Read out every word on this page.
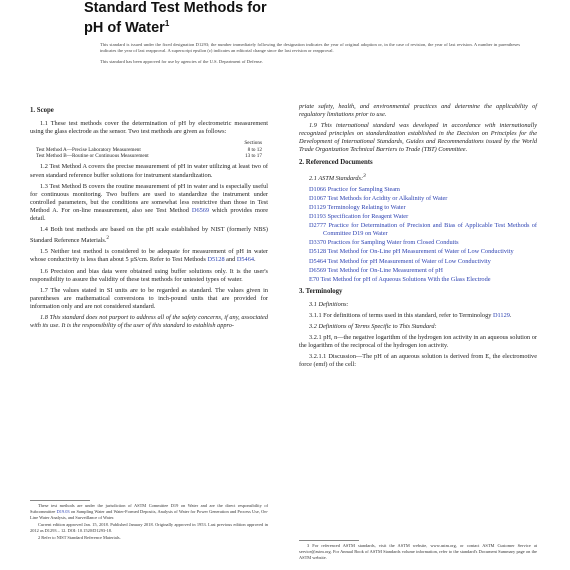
Standard Test Methods for
pH of Water$^1$

This standard is issued under the fixed designation D1293; the number immediately following the designation indicates the year of original adoption or, in the case of revision, the year of last revision. A number in parentheses indicates the year of last reapproval. A superscript epsilon (ε) indicates an editorial change since the last revision or reapproval.

This standard has been approved for use by agencies of the U.S. Department of Defense.

1. Scope

1.1 These test methods cover the determination of pH by electrometric measurement using the glass electrode as the sensor. Two test methods are given as follows:

	Sections
Test Method A—Precise Laboratory Measurement	8 to 12
Test Method B—Routine or Continuous Measurement	13 to 17

1.2 Test Method A covers the precise measurement of pH in water utilizing at least two of seven standard reference buffer solutions for instrument standardization.

1.3 Test Method B covers the routine measurement of pH in water and is especially useful for continuous monitoring. Two buffers are used to standardize the instrument under controlled parameters, but the conditions are somewhat less restrictive than those in Test Method A. For on-line measurement, also see Test Method D6569 which provides more detail.

1.4 Both test methods are based on the pH scale established by NIST (formerly NBS) Standard Reference Materials.$^2$

1.5 Neither test method is considered to be adequate for measurement of pH in water whose conductivity is less than about 5 µS/cm. Refer to Test Methods D5128 and D5464.

1.6 Precision and bias data were obtained using buffer solutions only. It is the user's responsibility to assure the validity of these test methods for untested types of water.

1.7 The values stated in SI units are to be regarded as standard. The values given in parentheses are mathematical conversions to inch-pound units that are provided for information only and are not considered standard.

1.8 This standard does not purport to address all of the safety concerns, if any, associated with its use. It is the responsibility of the user of this standard to establish appro-

These test methods are under the jurisdiction of ASTM Committee D19 on Water and are the direct responsibility of Subcommittee D19.03 on Sampling Water and Water-Formed Deposits, Analysis of Water for Power Generation and Process Use, On-Line Water Analysis, and Surveillance of Water.

Current edition approved Jan. 15, 2018. Published January 2018. Originally approved in 1953. Last previous edition approved in 2012 as D1293 – 12. DOI: 10.1520/D1293-18.

2 Refer to NIST Standard Reference Materials.

priate safety, health, and environmental practices and determine the applicability of regulatory limitations prior to use.

1.9 This international standard was developed in accordance with internationally recognized principles on standardization established in the Decision on Principles for the Development of International Standards, Guides and Recommendations issued by the World Trade Organization Technical Barriers to Trade (TBT) Committee.

2. Referenced Documents

2.1 ASTM Standards:$^3$

D1066 Practice for Sampling Steam
D1067 Test Methods for Acidity or Alkalinity of Water
D1129 Terminology Relating to Water
D1193 Specification for Reagent Water
D2777 Practice for Determination of Precision and Bias of Applicable Test Methods of Committee D19 on Water
D3370 Practices for Sampling Water from Closed Conduits
D5128 Test Method for On-Line pH Measurement of Water of Low Conductivity
D5464 Test Method for pH Measurement of Water of Low Conductivity
D6569 Test Method for On-Line Measurement of pH
E70 Test Method for pH of Aqueous Solutions With the Glass Electrode
3. Terminology

3.1 Definitions:

3.1.1 For definitions of terms used in this standard, refer to Terminology D1129.

3.2 Definitions of Terms Specific to This Standard:

3.2.1 pH, n—the negative logarithm of the hydrogen ion activity in an aqueous solution or the logarithm of the reciprocal of the hydrogen ion activity.

3.2.1.1 Discussion—The pH of an aqueous solution is derived from E, the electromotive force (emf) of the cell:

3 For referenced ASTM standards, visit the ASTM website, www.astm.org, or contact ASTM Customer Service at service@astm.org. For Annual Book of ASTM Standards volume information, refer to the standard's Document Summary page on the ASTM website.
